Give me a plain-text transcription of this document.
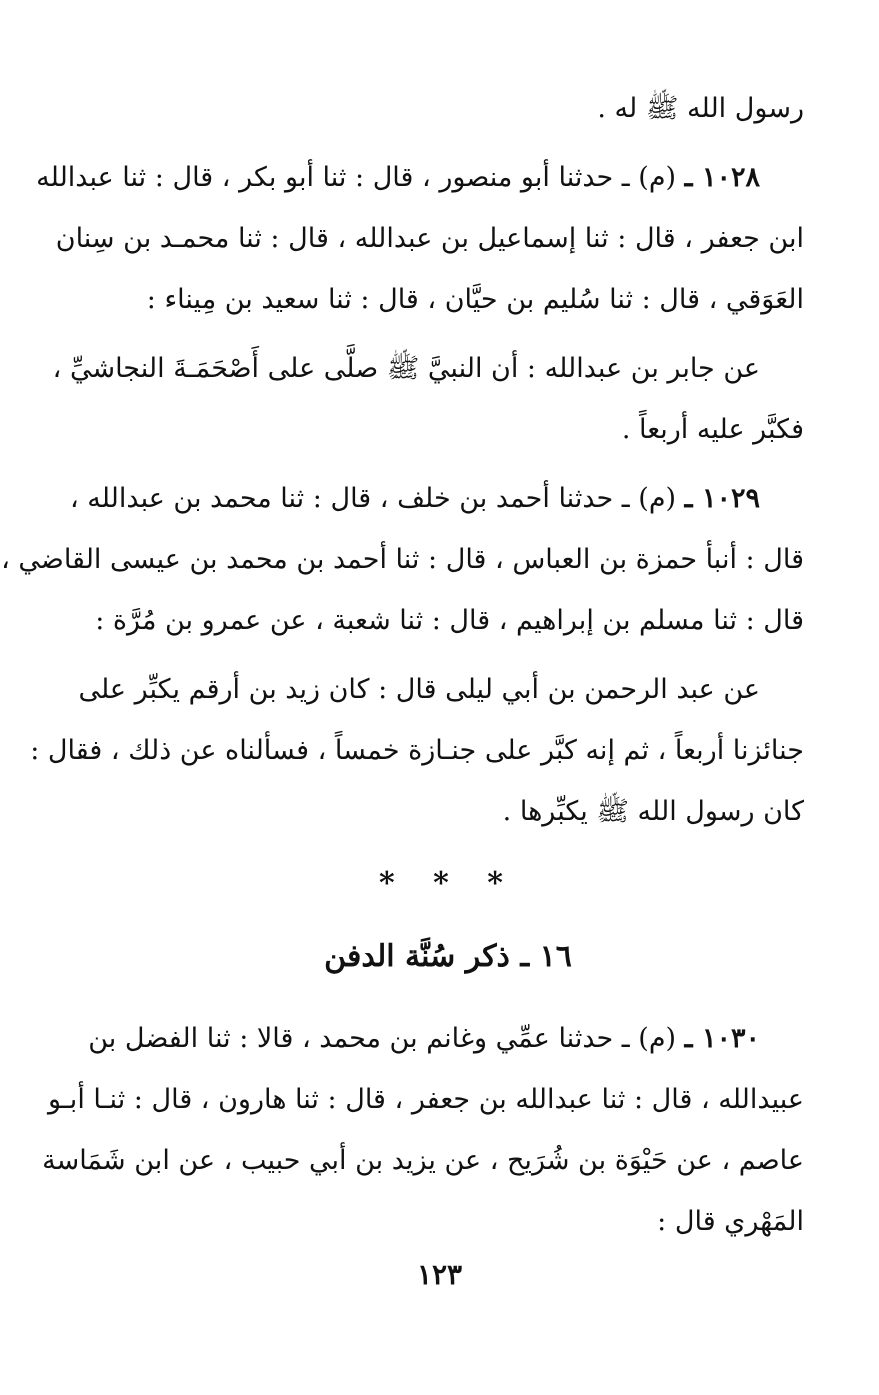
رسول الله ﷺ له .
١٠٢٨ ـ (م) ـ حدثنا أبو منصور ، قال : ثنا أبو بكر ، قال : ثنا عبدالله
ابن جعفر ، قال : ثنا إسماعيل بن عبدالله ، قال : ثنا محمـد بن سِنان
العَوَقي ، قال : ثنا سُليم بن حيَّان ، قال : ثنا سعيد بن مِيناء :
عن جابر بن عبدالله : أن النبيَّ ﷺ صلَّى على أَصْحَمَـةَ النجاشيِّ ،
فكبَّر عليه أربعاً .
١٠٢٩ ـ (م) ـ حدثنا أحمد بن خلف ، قال : ثنا محمد بن عبدالله ،
قال : أنبأ حمزة بن العباس ، قال : ثنا أحمد بن محمد بن عيسى القاضي ،
قال : ثنا مسلم بن إبراهيم ، قال : ثنا شعبة ، عن عمرو بن مُرَّة :
عن عبد الرحمن بن أبي ليلى قال : كان زيد بن أرقم يكبِّر على
جنائزنا أربعاً ، ثم إنه كبَّر على جنـازة خمساً ، فسألناه عن ذلك ، فقال :
كان رسول الله ﷺ يكبِّرها .
* * *
١٦ ـ ذكر سُنَّة الدفن
١٠٣٠ ـ (م) ـ حدثنا عمِّي وغانم بن محمد ، قالا : ثنا الفضل بن
عبيدالله ، قال : ثنا عبدالله بن جعفر ، قال : ثنا هارون ، قال : ثنـا أبـو
عاصم ، عن حَيْوَة بن شُرَيح ، عن يزيد بن أبي حبيب ، عن ابن شَمَاسة
المَهْري قال :
١٢٣
